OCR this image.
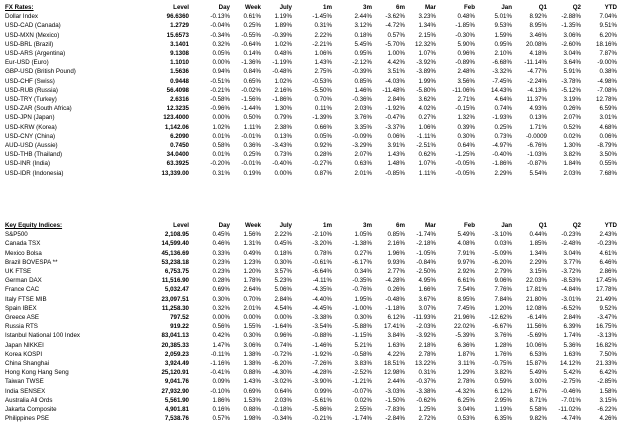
FX Rates:	Level	Day	Week	July	1m	3m	6m	Mar	Feb	Jan	Q1	Q2	YTD
Dollar Index	96.6360	-0.13%	0.61%	1.19%	-1.45%	2.44%	-3.62%	3.23%	0.48%	5.01%	8.92%	-2.88%	7.04%
USD-CAD (Canada)	1.2729	-0.04%	0.25%	1.89%	0.31%	3.12%	-4.72%	1.34%	-1.85%	9.53%	8.95%	-1.35%	9.51%
USD-MXN (Mexico)	15.6573	-0.34%	-0.55%	-0.39%	2.22%	0.18%	0.57%	2.15%	-0.30%	1.59%	3.46%	3.06%	6.20%
USD-BRL (Brazil)	3.1401	0.32%	-0.64%	1.02%	-2.21%	5.45%	-5.70%	12.32%	5.90%	0.95%	20.08%	-2.60%	18.16%
USD-ARS (Argentina)	9.1308	0.05%	0.14%	0.48%	1.06%	0.95%	1.00%	1.07%	0.96%	2.10%	4.18%	3.04%	7.87%
Eur-USD (Euro)	1.1010	0.00%	-1.36%	-1.19%	1.43%	-2.12%	4.42%	-3.92%	-0.89%	-6.68%	-11.14%	3.64%	-9.00%
GBP-USD (British Pound)	1.5636	0.94%	0.84%	-0.48%	2.75%	-0.39%	3.51%	-3.89%	2.48%	-3.32%	-4.77%	5.91%	0.38%
USD-CHF (Swiss)	0.9448	-0.51%	0.65%	1.02%	-0.53%	0.85%	-4.03%	1.99%	3.56%	-7.45%	-2.24%	-3.78%	-4.98%
USD-RUB (Russia)	56.4098	-0.21%	-0.02%	2.16%	-5.50%	1.46%	-11.48%	-5.80%	-11.06%	14.43%	-4.13%	-5.12%	-7.08%
USD-TRY (Turkey)	2.6316	-0.58%	-1.56%	-1.86%	0.70%	-0.36%	2.84%	3.62%	2.71%	4.64%	11.37%	3.19%	12.78%
USD-ZAR (South Africa)	12.3235	-0.96%	-1.44%	1.30%	0.11%	2.03%	-1.92%	4.02%	-0.15%	0.74%	4.93%	0.26%	6.59%
USD-JPN (Japan)	123.4000	0.00%	0.50%	0.79%	-1.39%	3.76%	-0.47%	0.27%	1.32%	-1.93%	0.13%	2.07%	3.01%
USD-KRW (Korea)	1,142.06	1.02%	1.11%	2.38%	0.66%	3.35%	-3.37%	1.06%	0.39%	0.25%	1.71%	0.52%	4.68%
USD-CNY (China)	6.2090	0.01%	-0.01%	0.13%	0.05%	-0.09%	0.06%	-1.11%	0.30%	0.73%	-0.0009	0.02%	0.06%
AUD-USD (Aussie)	0.7450	0.58%	0.36%	-3.43%	0.92%	-3.29%	3.91%	-2.51%	0.64%	-4.97%	-6.76%	1.30%	-8.79%
USD-THB (Thailand)	34.0400	0.01%	0.25%	0.73%	0.28%	2.07%	1.43%	0.62%	-1.25%	-0.40%	-1.03%	3.82%	3.50%
USD-INR (India)	63.3925	-0.20%	-0.01%	-0.40%	-0.27%	0.63%	1.48%	1.07%	-0.05%	-1.86%	-0.87%	1.84%	0.55%
USD-IDR (Indonesia)	13,339.00	0.31%	0.19%	0.00%	0.87%	2.01%	-0.85%	1.11%	-0.05%	2.29%	5.54%	2.03%	7.68%
Key Equity Indices:	Level	Day	Week	July	1m	3m	6m	Mar	Feb	Jan	Q1	Q2	YTD
S&P500	2,108.95	0.45%	1.56%	2.22%	-2.10%	1.05%	0.85%	-1.74%	5.49%	-3.10%	0.44%	-0.23%	2.43%
Canada TSX	14,599.40	0.46%	1.31%	0.45%	-3.20%	-1.38%	2.16%	-2.18%	4.08%	0.03%	1.85%	-2.48%	-0.23%
Mexico Bolsa	45,136.69	0.33%	0.49%	0.18%	0.78%	0.27%	1.96%	-1.05%	7.91%	-5.09%	1.34%	3.04%	4.61%
Brazil BOVESPA **	53,238.18	0.23%	1.23%	0.30%	-0.61%	-6.17%	9.93%	-0.84%	9.97%	-6.20%	2.29%	3.77%	6.46%
UK FTSE	6,753.75	0.23%	1.20%	3.57%	-6.64%	0.34%	2.77%	-2.50%	2.92%	2.79%	3.15%	-3.72%	2.86%
German DAX	11,516.90	0.28%	1.78%	5.23%	-4.11%	-0.35%	-4.28%	4.95%	6.61%	9.06%	22.03%	-8.53%	17.45%
France CAC	5,032.47	0.69%	2.64%	5.06%	-4.35%	-0.76%	0.26%	1.66%	7.54%	7.76%	17.81%	-4.84%	17.78%
Italy FTSE MIB	23,097.51	0.30%	0.70%	2.84%	-4.40%	1.95%	-0.48%	3.67%	8.95%	7.84%	21.80%	-3.01%	21.49%
Spain IBEX	11,258.30	0.32%	2.01%	4.54%	-4.45%	-1.00%	-1.18%	3.07%	7.45%	1.20%	12.08%	-6.52%	9.52%
Greece ASE	797.52	0.00%	0.00%	0.00%	-3.38%	0.30%	6.12%	-11.93%	21.96%	-12.62%	-6.14%	2.84%	-3.47%
Russia RTS	919.22	0.56%	1.55%	-1.64%	-3.54%	-5.88%	17.41%	-2.03%	22.02%	-6.67%	11.56%	6.39%	16.75%
Istanbul National 100 Index	83,041.13	0.42%	0.30%	0.96%	-0.88%	-1.15%	3.84%	-3.92%	-5.39%	3.76%	-5.69%	1.74%	-3.13%
Japan NIKKEI	20,385.33	1.47%	3.06%	0.74%	-1.46%	5.21%	1.63%	2.18%	6.36%	1.28%	10.06%	5.36%	16.82%
Korea KOSPI	2,059.23	-0.11%	1.38%	-0.72%	-1.92%	-0.58%	4.22%	2.78%	1.87%	1.76%	6.53%	1.63%	7.50%
China Shanghai	3,924.49	-1.16%	1.38%	-6.20%	-7.26%	3.83%	18.51%	13.22%	3.11%	-0.75%	15.87%	14.12%	21.33%
Hong Kong Hang Seng	25,120.91	-0.41%	0.88%	-4.30%	-4.28%	-2.52%	12.98%	0.31%	1.29%	3.82%	5.49%	5.42%	6.42%
Taiwan TWSE	9,041.76	0.09%	1.43%	-3.02%	-3.90%	-1.21%	2.44%	-0.37%	2.78%	0.59%	3.00%	-2.75%	-2.85%
India SENSEX	27,932.90	-0.10%	0.69%	0.64%	0.99%	-0.07%	-3.03%	-3.38%	-4.32%	6.12%	1.67%	-0.46%	1.58%
Australia All Ords	5,561.90	1.86%	1.53%	2.03%	-5.61%	0.02%	-1.50%	-0.62%	6.25%	2.95%	8.71%	-7.01%	3.15%
Jakarta Composite	4,901.81	0.16%	0.88%	-0.18%	-5.86%	2.55%	-7.83%	1.25%	3.04%	1.19%	5.58%	-11.02%	-6.22%
Philippines PSE	7,538.76	0.57%	1.98%	-0.34%	-0.21%	-1.74%	-2.84%	2.72%	0.53%	6.35%	9.82%	-4.74%	4.26%
